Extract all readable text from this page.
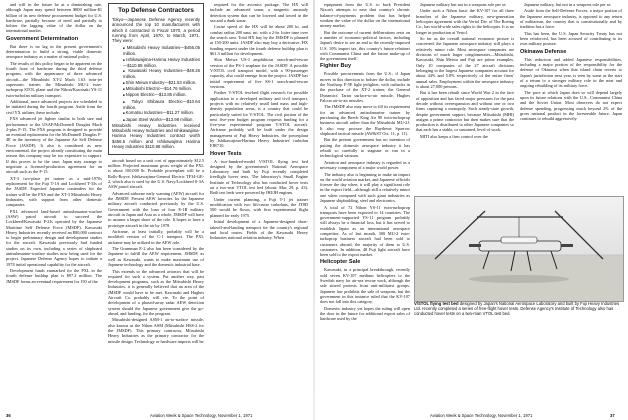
and will in the future be at a diminishing rate, although Japan may spend between $800 million-$1 billion of its new defense procurement budget for U.S. hardware, partially because of need and partially to bolster the lagging value of the dollar on the international market.

Government Determination

But there is no lag in the present government's determination to build a strong, viable domestic aerospace industry as a matter of national policy.

The results of this policy began to be apparent on the fourth front of hardware during the third defense program, with the appearance of three advanced aircraft—the Mitsubishi XT-2 Mach 1.63 twin-jet supersonic trainer; the Mitsubishi MU-2 twin-turboprop STOL plane and the Nihon/Kawasaki YS-11 twin-turbofan military transport.

Additional, more advanced projects are scheduled to be initiated during the fourth program. Aside from the civil YX airliner, these include:

FXS advanced jet fighter similar in both size and performance to the USAF/McDonnell Douglas Mach 2-plus F-15. The FXS program is designed to provide an eventual replacement for the McDonnell Douglas F-4E in the inventory of the Japanese Air Self Defense Force (JASDF). It also is considered as new enviromental, the project already constituting the main reason this company may be too expensive to support. If this proves to be the case, Japan may arrange to negotiate a licensed-production agreement for an aircraft such as the F-15.

XT-3 two-place jet trainer as a mid-1970s replacement for the Fuji T-1A and Lockheed T-33s of the JASDF. Expected Japanese contenders for the trainer will be the FXS and the XT-3 Mitsubishi Heavy Industries, with support from other domestic companies.

PXL advanced land-based antisubmarine-warfare (ASW) patrol aircraft to succeed the Lockheed/Kawasaki P-2Js operated by the Japanese Maritime Self Defense Force (MSDF). Kawasaki Heavy Industries recently received an ¥80,000 contract to begin preliminary design and development studies for the aircraft. Kawasaki previously had funded studies on its own, including a series of shipboard antisubmarine-warfare studies now being used for the project. Japanese Defense Agency hopes to initiate a 1978 initial operational capability for the aircraft.

Development funds earmarked for the PXL in the fourth defense buildup plan is $97.2 million. The JMSDF forms an eventual requirement for 150 of the

Top Defense Contractors

Tokyo—Japanese Defense Agency recently announced the top 10 manufacturers with which it contracted in Fiscal 1970, a period running from April, 1970, to March, 1971. They were:

■ Mitsubishi Heavy Industries—$456.05 million.
■ Ishikawajima-Harima Heavy Industries—$110.88 million.
■ Kawasaki Heavy Industries—$49.26 million.
■ Shin Meiwa Industry—$21.53 million.
■ Mitsubishi Electric—$14.76 million.
■ Nippon Electric—$13.85 million.
■ Tokyo Shibaura Electric—$10.64 million.
■ Komatsu Industries—$11.27 million.
■ Japan Steel Works—$13.98 million.

Mitsubishi Heavy Industries received Mitsubishi Heavy Industries and Ishikawajima-Harima Heavy Industries contract worth $456.5 million and Ishikawajima Harima Heavy Industries $110.88 million.

aircraft based on a unit cost of approximately $12.5 million. Projected maximum gross weight of the PXL is about 100,000 lb. Probable powerplant will be a Rolls-Royce, Ishikawajima-General Electric TF34-GE-2, which also is used by the U.S. Navy/Lockheed S-3A ASW patrol aircraft.

Advanced airborne early warning (AEW) aircraft for the JMSDF. Present AEW favorites for the Japanese military aircraft conducted previously by the U.S. Government with the loan of four E-1B military aircraft in Japan and Asia as a whole, JMSDF will have to assume a larger share of the role. It hopes to have a prototype aircraft in the air by 1978.

Airframe, at least initially, probably will be a modified version of the C-1 transport. The PXL airframe may be utilized in the AEW role.

The Grumman E-2 also has been considered by the Japanese to fulfill the AEW requirement. JMSDF, as well as Kawasaki, wants to make maximum use of Japanese technology and the domestic industrial base.

This extends to the advanced avionics that will be required for such a system. Put another way, past development programs, such as the Mitsubishi Heavy Industries, it is generally believed that an area of the JMSDF would have to be met. Kawasaki and Hughes Aircraft Co. probably will vie. To the point of development of a phased-array radar AEW detection system should the Japanese government give the go-ahead, and funding, for the program.

Mitsubishi-designed ASM-1 air-to-surface missile, also known as the Nihon ASM (Mitsubishi HSS-2 for the JMSDF). This primary contractor, Mitsubishi Heavy Industries as the primary contractor for the missile design. Technology or hardware imports will be

required for the avionics package. The HX will include an advanced sonar, a magnetic anomaly detection system that can be lowered and towed in the sea and a dunk sonar.

Cruise speed of the HX will be about 200 kt. and combat radius 200 naut. mi. with a 2-hr. loiter time over the search area. Total HX buy by the JMSDF is planned at 150-200 units. JASDF also may buy a derivative. HX funding request under the fourth defense buildup plan is $61.3 million for development.

Shin Meiwa US-J amphibious search-and-rescue version of the PS-1 seaplane for the JASDF. A possible V/STOL civil transport model, with a 90-passenger capacity, also could emerge from the project. JASDF has initial requirement of five SS-1 search-and-rescue versions.

Further V/STOL test-bed flight research for possible application to a developed military and civil transport, projects with no relatively small land mass and high-density population areas, is a country that could be particularly suited for V/STOL. The civil portion of the next five-year budget program requests funding for a five-year experimental program V/STOL aircraft. Airframe probably will be built under the design management of Fuji Heavy Industries, the powerplant by Ishikawajima-Harima Heavy Industries' turbofan FJR710.

Hover Tests

A two-hundred-model V/STOL flying test bed designed by the government's National Aerospace Laboratory and built by Fuji recently completed freeflight hover tests. The laboratory's Small Engine Institute of Technology also has conducted hover tests on a two-seat VTOL test bed (about: Mar. 29, p. 43). Both test beds were powered by IHI/JH engines.

Under current planning, a Fuji T-1 jet trainer modification with two lift/cruise turbofans, the JT8D 500 would be flown, with first experimental flight planned for early 1975.

Initial development of a Japanese-designed short-takeoff-and-landing transport for the country's regional and local routes. Fields of the Kawasaki Heavy Industries national aviation industry. When

36	Aviation Week & Space Technology, November 1, 1971

equipment from the U.S. to back President Nixon's attempts to ease that country's chronic balance-of-payments problem that has helped weaken the value of the dollar on the international money market.

But the outcome of current deliberations rests on a number of economic-political factors, including Japan's desire to see an end to the recently-imposed U.S. 10% import tax, this country's future relations with Communist China and the future make-up of the government itself.

Fighter Buy

Possible procurements from the U.S., if Japan moves in this direction to bolster the dollar, include the Northrop F-5E light jetfighter, with cutbacks in the purchase of the XT-2 trainer, the General Dynamics' Tartar surface-to-air missile, Hughes Falcon air-to-air missiles.

The JMSDF also may move to fill its requirement for an advanced antisubmarine trainer by purchasing the Beech King Air 90 twin-turboprop business aircraft rather than the Mitsubishi MU-2J. It also may procure the Raytheon Sparrow shipboard tactical missile (AW&ST Oct. 11, p. 11).

But the present government has no intention of putting the domestic aerospace industry it has rebuilt so carefully to stagnate or run in a technological vacuum.

Aviation and aerospace industry is regarded as a necessary component of a major world power.

The industry also is beginning to make an impact on the world aviation market, and Japanese officials foresee the day when, it will play a significant role in the export field—although still a relatively minor one when compared with such giant industries as Japanese shipbuilding, steel and electronics.

A total of 72 Nihon YS-11 twin-turboprop transports have been exported to 14 countries. The government-supported YS-11 program probably will always be a financial loss, but it has served to establish Japan as an international aerospace competitor. As of last month, 300 MU-2 twin-turboprop business aircraft had been sold to customers abroad, the majority of them to U.S. customers. In addition, 48 Fuji light aircraft have been sold to the export market.

Helicopter Sale

Kawasaki, in a principal breakthrough, recently sold seven KV-107 medium helicopters to the Swedish navy for air-sea rescue work, although the sale stirred protests from anti-militarist groups. Japanese law prohibits the sale of weapons, but the government in this instance ruled that the KV-107 does not fall into this category.

Domestic industry yet hopes the ruling will open the door in the future for additional export sales of hardware used by the

Japanese military but not in a weapons role per se.

Under such a Nihon basic the KV-107 for all three branches of the Japanese military, new-generation helicopter agreement with the Vertol Div. of The Boeing Co., has world-wide sales rights to the helicopter. It is no longer in production at Vertol.

So far as the overall national economic picture is concerned, the Japanese aerospace industry still plays a relatively minor role. Most aerospace companies are divisions of much larger conglomerates—Mitsubishi, Kawasaki, Shin Meiwa and Fuji are prime examples. Only 10 companies of the 27 aircraft divisions belonging to the largest Japanese companies account for about 44% and 5.8% respectively of the entire firms' annual sales. Employment within the aerospace industry is about 27,000 persons.

But it has been rebuilt since World War 2 in the face of opposition and has faced major pressures for the past decade without overexpansion and without one or two firms capturing a monopoly. Such steady-state growth, despite government support, because Mitsubishi (MHI) assigns a prime contractor but then makes sure that the production is distributed to other Japanese companies so that each has a stable, or sustained, level of work.

MITI also keeps a firm control over the

Japanese military, but not in a weapons role per se.

Aside from the Self-Defense Forces, a major portion of the Japanese aerospace industry, is opposed to any return of militarism, the country that is constitutionally and by tradition has a force.

This has been, the U.S. Japan Security Treaty has not been reinforced, has been accused of contributing to its own military posture.

Okinawa Defense

This reduction and added Japanese responsibilities, including a major portion of the responsibility for the defense of Okinawa when that island chain reverts to Japan's jurisdiction next year, is seen by some as the start of a return to a stronger military role in the near and ongoing rebuilding of its military force.

The pace at which Japan does so will depend largely upon its future relations with the U.S., Communist China and the Soviet Union. Most observers do not expect defense spending, progressing much beyond 2% of the gross national product in the foreseeable future. Japan continues to rebuild aggressively.

V/STOL flying test bed designed by Japan's National Aerospace Laboratory and built by Fuji Heavy Industries Ltd. recently completed a series of free-flight hover tests. Defense Agency's Institute of Technology also has conducted hover tests on a two-man VTOL test bed.
Aviation Week & Space Technology, November 1, 1971	37
